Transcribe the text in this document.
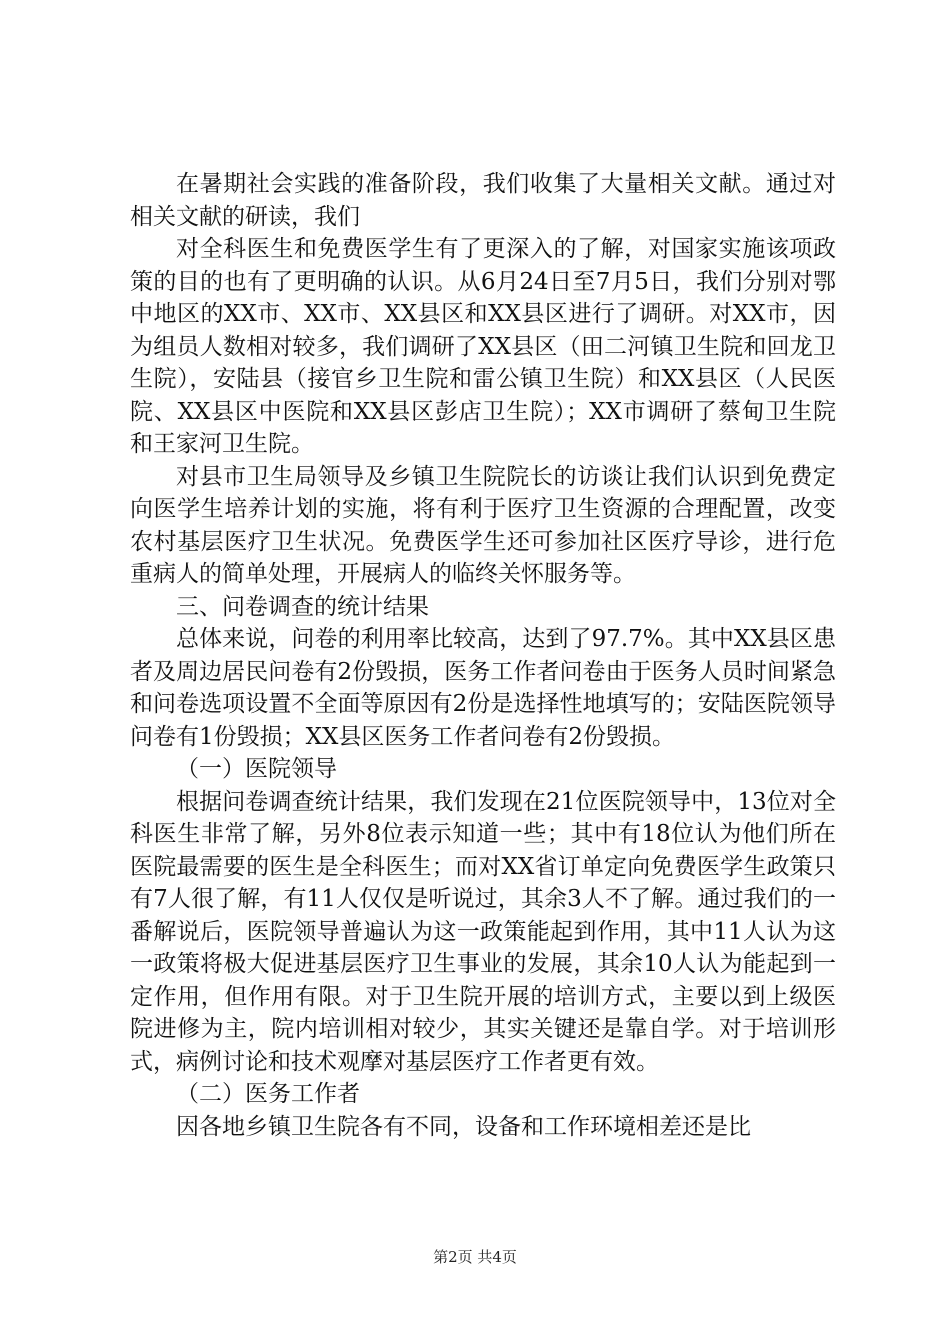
在暑期社会实践的准备阶段，我们收集了大量相关文献。通过对相关文献的研读，我们

对全科医生和免费医学生有了更深入的了解，对国家实施该项政策的目的也有了更明确的认识。从6月24日至7月5日，我们分别对鄂中地区的XX市、XX市、XX县区和XX县区进行了调研。对XX市，因为组员人数相对较多，我们调研了XX县区（田二河镇卫生院和回龙卫生院），安陆县（接官乡卫生院和雷公镇卫生院）和XX县区（人民医院、XX县区中医院和XX县区彭店卫生院）；XX市调研了蔡甸卫生院和王家河卫生院。

对县市卫生局领导及乡镇卫生院院长的访谈让我们认识到免费定向医学生培养计划的实施，将有利于医疗卫生资源的合理配置，改变农村基层医疗卫生状况。免费医学生还可参加社区医疗导诊，进行危重病人的简单处理，开展病人的临终关怀服务等。

三、问卷调查的统计结果

总体来说，问卷的利用率比较高，达到了97.7%。其中XX县区患者及周边居民问卷有2份毁损，医务工作者问卷由于医务人员时间紧急和问卷选项设置不全面等原因有2份是选择性地填写的；安陆医院领导问卷有1份毁损；XX县区医务工作者问卷有2份毁损。

（一）医院领导

根据问卷调查统计结果，我们发现在21位医院领导中，13位对全科医生非常了解，另外8位表示知道一些；其中有18位认为他们所在医院最需要的医生是全科医生；而对XX省订单定向免费医学生政策只有7人很了解，有11人仅仅是听说过，其余3人不了解。通过我们的一番解说后，医院领导普遍认为这一政策能起到作用，其中11人认为这一政策将极大促进基层医疗卫生事业的发展，其余10人认为能起到一定作用，但作用有限。对于卫生院开展的培训方式，主要以到上级医院进修为主，院内培训相对较少，其实关键还是靠自学。对于培训形式，病例讨论和技术观摩对基层医疗工作者更有效。

（二）医务工作者

因各地乡镇卫生院各有不同，设备和工作环境相差还是比

第2页 共4页
